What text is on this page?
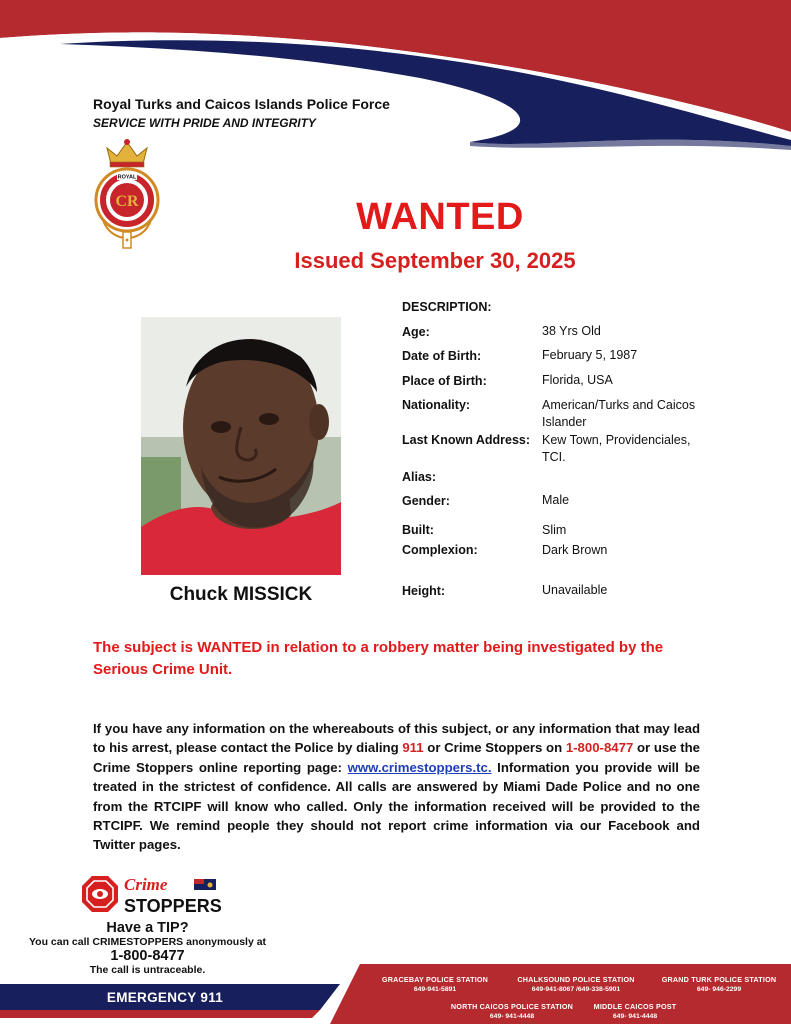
Royal Turks and Caicos Islands Police Force
SERVICE WITH PRIDE AND INTEGRITY
CR
ROYAL
WANTED
Issued September 30, 2025
Chuck MISSICK
DESCRIPTION:
Age:	38 Yrs Old
Date of Birth:	February 5, 1987
Place of Birth:	Florida, USA
Nationality:	American/Turks and Caicos Islander
Last Known Address: Kew Town, Providenciales, TCI.
Alias:
Gender:	Male
Built:	Slim
Complexion:	Dark Brown
Height:	Unavailable
The subject is WANTED in relation to a robbery matter being investigated by the Serious Crime Unit.
If you have any information on the whereabouts of this subject, or any information that may lead to his arrest, please contact the Police by dialing 911 or Crime Stoppers on 1-800-8477 or use the Crime Stoppers online reporting page: www.crimestoppers.tc. Information you provide will be treated in the strictest of confidence. All calls are answered by Miami Dade Police and no one from the RTCIPF will know who called. Only the information received will be provided to the RTCIPF. We remind people they should not report crime information via our Facebook and Twitter pages.
Crime
STOPPERS
Have a TIP?
You can call CRIMESTOPPERS anonymously at
1-800-8477
The call is untraceable.
EMERGENCY 911
GRACEBAY POLICE STATION
649-941-5891
CHALKSOUND POLICE STATION
649-941-8067 /649-338-5901
GRAND TURK POLICE STATION
649- 946-2299
NORTH CAICOS POLICE STATION
649- 941-4448
MIDDLE CAICOS POST
649- 941-4448
